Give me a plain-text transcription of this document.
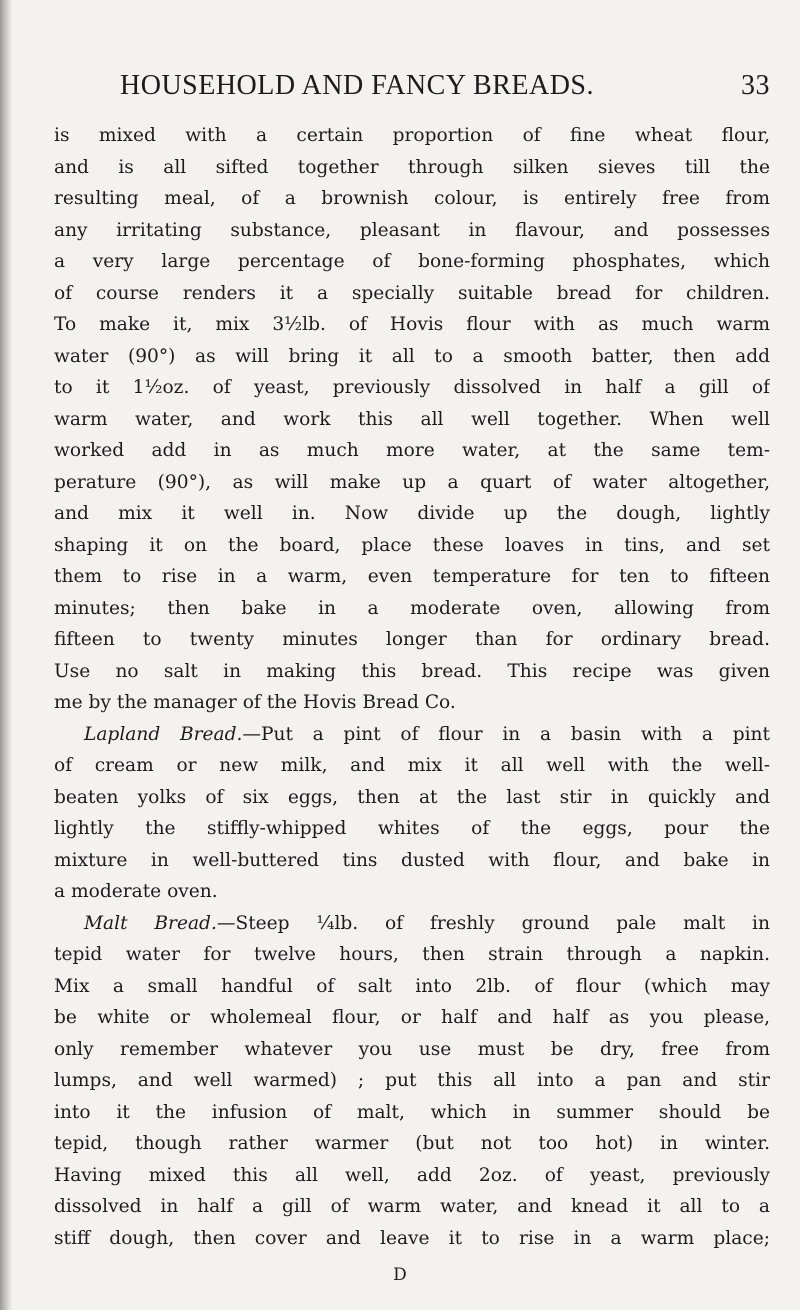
HOUSEHOLD AND FANCY BREADS.	33
is mixed with a certain proportion of fine wheat flour,
and is all sifted together through silken sieves till the
resulting meal, of a brownish colour, is entirely free from
any irritating substance, pleasant in flavour, and possesses
a very large percentage of bone-forming phosphates, which
of course renders it a specially suitable bread for children.
To make it, mix 3½lb. of Hovis flour with as much warm
water (90°) as will bring it all to a smooth batter, then add
to it 1½oz. of yeast, previously dissolved in half a gill of
warm water, and work this all well together. When well
worked add in as much more water, at the same tem-
perature (90°), as will make up a quart of water altogether,
and mix it well in. Now divide up the dough, lightly
shaping it on the board, place these loaves in tins, and set
them to rise in a warm, even temperature for ten to fifteen
minutes; then bake in a moderate oven, allowing from
fifteen to twenty minutes longer than for ordinary bread.
Use no salt in making this bread. This recipe was given
me by the manager of the Hovis Bread Co.
Lapland Bread.—Put a pint of flour in a basin with a pint
of cream or new milk, and mix it all well with the well-
beaten yolks of six eggs, then at the last stir in quickly and
lightly the stiffly-whipped whites of the eggs, pour the
mixture in well-buttered tins dusted with flour, and bake in
a moderate oven.
Malt Bread.—Steep ¼lb. of freshly ground pale malt in
tepid water for twelve hours, then strain through a napkin.
Mix a small handful of salt into 2lb. of flour (which may
be white or wholemeal flour, or half and half as you please,
only remember whatever you use must be dry, free from
lumps, and well warmed) ; put this all into a pan and stir
into it the infusion of malt, which in summer should be
tepid, though rather warmer (but not too hot) in winter.
Having mixed this all well, add 2oz. of yeast, previously
dissolved in half a gill of warm water, and knead it all to a
stiff dough, then cover and leave it to rise in a warm place;
D
